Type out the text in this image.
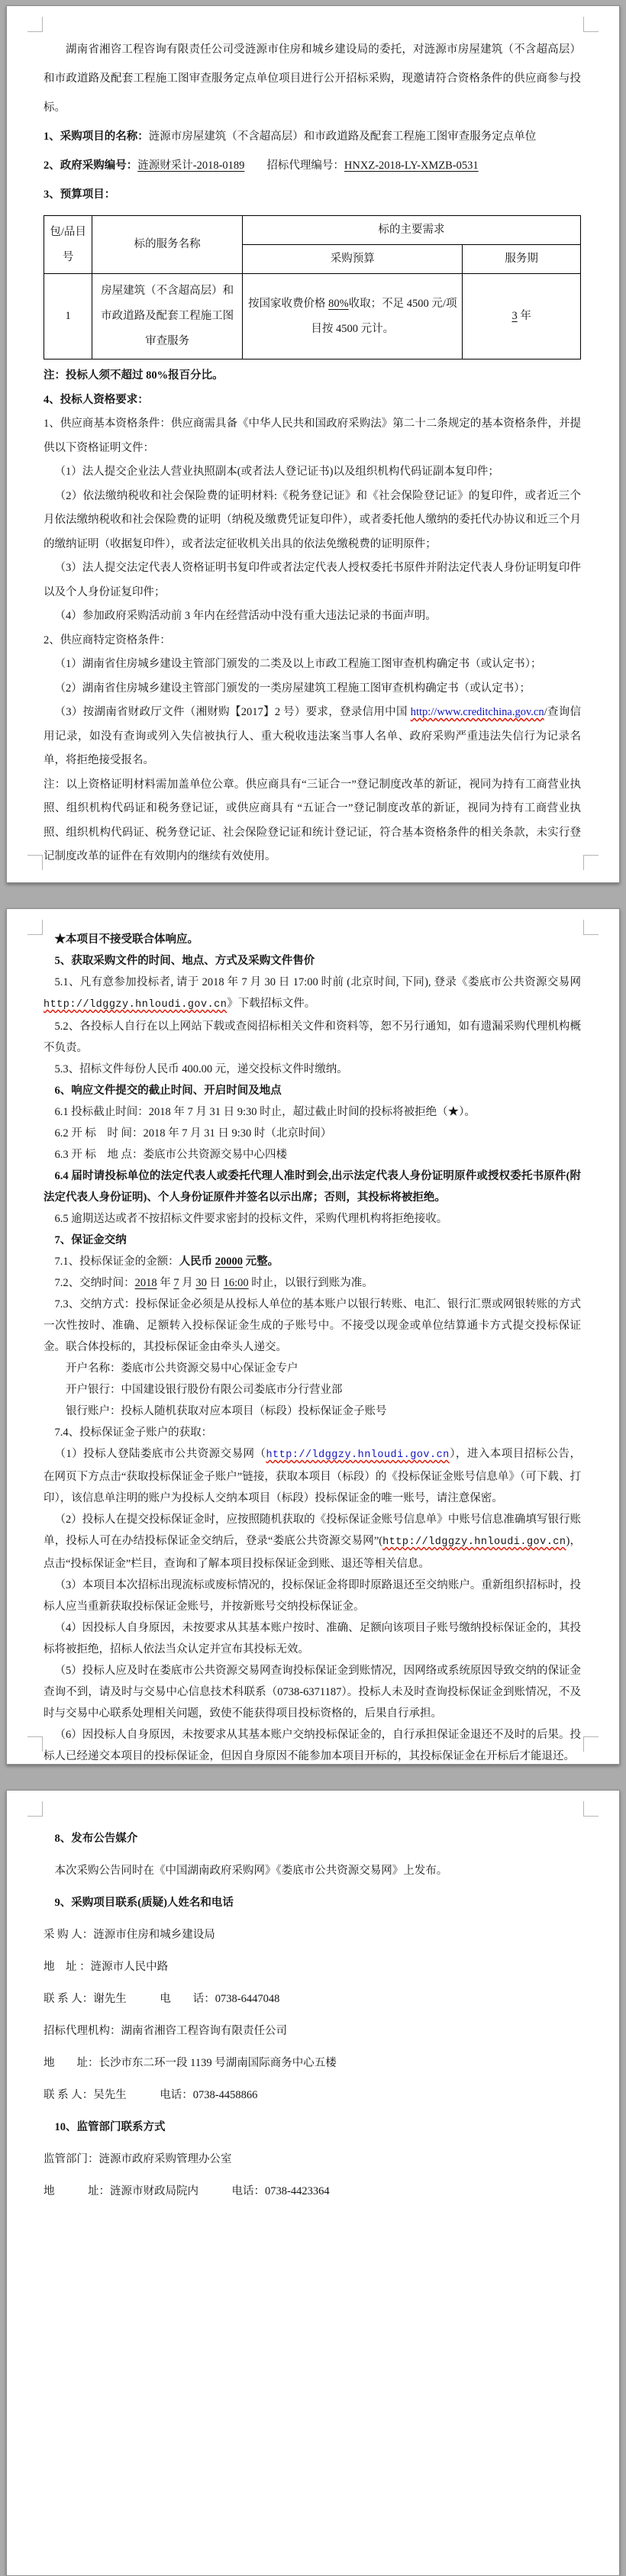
湖南省湘咨工程咨询有限责任公司受涟源市住房和城乡建设局的委托，对涟源市房屋建筑（不含超高层）和市政道路及配套工程施工图审查服务定点单位项目进行公开招标采购，现邀请符合资格条件的供应商参与投标。

1、采购项目的名称：涟源市房屋建筑（不含超高层）和市政道路及配套工程施工图审查服务定点单位

2、政府采购编号：涟源财采计-2018-0189　　招标代理编号：HNXZ-2018-LY-XMZB-0531

3、预算项目：

包/品目号	标的服务名称	标的主要需求	
		采购预算	服务期
1	房屋建筑（不含超高层）和市政道路及配套工程施工图审查服务	按国家收费价格 80%收取；不足 4500 元/项目按 4500 元计。	3 年

注：投标人须不超过 80%报百分比。

4、投标人资格要求：

1、供应商基本资格条件：供应商需具备《中华人民共和国政府采购法》第二十二条规定的基本资格条件，并提供以下资格证明文件：

（1）法人提交企业法人营业执照副本(或者法人登记证书)以及组织机构代码证副本复印件；

（2）依法缴纳税收和社会保险费的证明材料:《税务登记证》和《社会保险登记证》的复印件，或者近三个月依法缴纳税收和社会保险费的证明（纳税及缴费凭证复印件），或者委托他人缴纳的委托代办协议和近三个月的缴纳证明（收据复印件），或者法定征收机关出具的依法免缴税费的证明原件；

（3）法人提交法定代表人资格证明书复印件或者法定代表人授权委托书原件并附法定代表人身份证明复印件以及个人身份证复印件；

（4）参加政府采购活动前 3 年内在经营活动中没有重大违法记录的书面声明。

2、供应商特定资格条件：

（1）湖南省住房城乡建设主管部门颁发的二类及以上市政工程施工图审查机构确定书（或认定书）；

（2）湖南省住房城乡建设主管部门颁发的一类房屋建筑工程施工图审查机构确定书（或认定书）；

（3）按湖南省财政厅文件（湘财购【2017】2 号）要求，登录信用中国 http://www.creditchina.gov.cn/查询信用记录，如没有查询或列入失信被执行人、重大税收违法案当事人名单、政府采购严重违法失信行为记录名单，将拒绝接受报名。

注：以上资格证明材料需加盖单位公章。供应商具有“三证合一”登记制度改革的新证，视同为持有工商营业执照、组织机构代码证和税务登记证，或供应商具有 “五证合一”登记制度改革的新证，视同为持有工商营业执照、组织机构代码证、税务登记证、社会保险登记证和统计登记证，符合基本资格条件的相关条款，未实行登记制度改革的证件在有效期内的继续有效使用。

★本项目不接受联合体响应。

5、获取采购文件的时间、地点、方式及采购文件售价

5.1、凡有意参加投标者, 请于 2018 年 7 月 30 日 17:00 时前 (北京时间, 下同), 登录《娄底市公共资源交易网 http://ldggzy.hnloudi.gov.cn》下载招标文件。

5.2、各投标人自行在以上网站下载或查阅招标相关文件和资料等，恕不另行通知，如有遗漏采购代理机构概不负责。

5.3、招标文件每份人民币 400.00 元，递交投标文件时缴纳。

6、响应文件提交的截止时间、开启时间及地点

6.1 投标截止时间：2018 年 7 月 31 日 9:30 时止，超过截止时间的投标将被拒绝（★）。

6.2 开 标　时 间：2018 年 7 月 31 日 9:30 时（北京时间）

6.3 开 标　地 点：娄底市公共资源交易中心四楼

6.4 届时请投标单位的法定代表人或委托代理人准时到会,出示法定代表人身份证明原件或授权委托书原件(附法定代表人身份证明)、个人身份证原件并签名以示出席；否则，其投标将被拒绝。

6.5 逾期送达或者不按招标文件要求密封的投标文件，采购代理机构将拒绝接收。

7、保证金交纳

7.1、投标保证金的金额：人民币 20000 元整。

7.2、交纳时间：2018 年 7 月 30 日 16:00 时止，以银行到账为准。

7.3、交纳方式：投标保证金必须是从投标人单位的基本账户以银行转账、电汇、银行汇票或网银转账的方式一次性按时、准确、足额转入投标保证金生成的子账号中。不接受以现金或单位结算通卡方式提交投标保证金。联合体投标的，其投标保证金由牵头人递交。

开户名称：娄底市公共资源交易中心保证金专户

开户银行：中国建设银行股份有限公司娄底市分行营业部

银行账户：投标人随机获取对应本项目（标段）投标保证金子账号

7.4、投标保证金子账户的获取：

（1）投标人登陆娄底市公共资源交易网（http://ldggzy.hnloudi.gov.cn），进入本项目招标公告，在网页下方点击“获取投标保证金子账户”链接，获取本项目（标段）的《投标保证金账号信息单》（可下载、打印），该信息单注明的账户为投标人交纳本项目（标段）投标保证金的唯一账号，请注意保密。

（2）投标人在提交投标保证金时，应按照随机获取的《投标保证金账号信息单》中账号信息准确填写银行账单，投标人可在办结投标保证金交纳后，登录“娄底公共资源交易网”(http://ldggzy.hnloudi.gov.cn)，点击“投标保证金”栏目，查询和了解本项目投标保证金到账、退还等相关信息。

（3）本项目本次招标出现流标或废标情况的，投标保证金将即时原路退还至交纳账户。重新组织招标时，投标人应当重新获取投标保证金账号，并按新账号交纳投标保证金。

（4）因投标人自身原因，未按要求从其基本账户按时、准确、足额向该项目子账号缴纳投标保证金的，其投标将被拒绝，招标人依法当众认定并宣布其投标无效。

（5）投标人应及时在娄底市公共资源交易网查询投标保证金到账情况，因网络或系统原因导致交纳的保证金查询不到，请及时与交易中心信息技术科联系（0738-6371187）。投标人未及时查询投标保证金到账情况，不及时与交易中心联系处理相关问题，致使不能获得项目投标资格的，后果自行承担。

（6）因投标人自身原因，未按要求从其基本账户交纳投标保证金的，自行承担保证金退还不及时的后果。投标人已经递交本项目的投标保证金，但因自身原因不能参加本项目开标的，其投标保证金在开标后才能退还。

8、发布公告媒介

本次采购公告同时在《中国湖南政府采购网》《娄底市公共资源交易网》上发布。

9、采购项目联系(质疑)人姓名和电话

采 购 人：涟源市住房和城乡建设局

地　址 ：涟源市人民中路

联 系 人：谢先生　　　电　　话：0738-6447048

招标代理机构：湖南省湘咨工程咨询有限责任公司

地　　址：长沙市东二环一段 1139 号湖南国际商务中心五楼

联 系 人：吴先生　　　电话：0738-4458866

10、监管部门联系方式

监管部门：涟源市政府采购管理办公室

地　　　址：涟源市财政局院内　　　电话：0738-4423364
